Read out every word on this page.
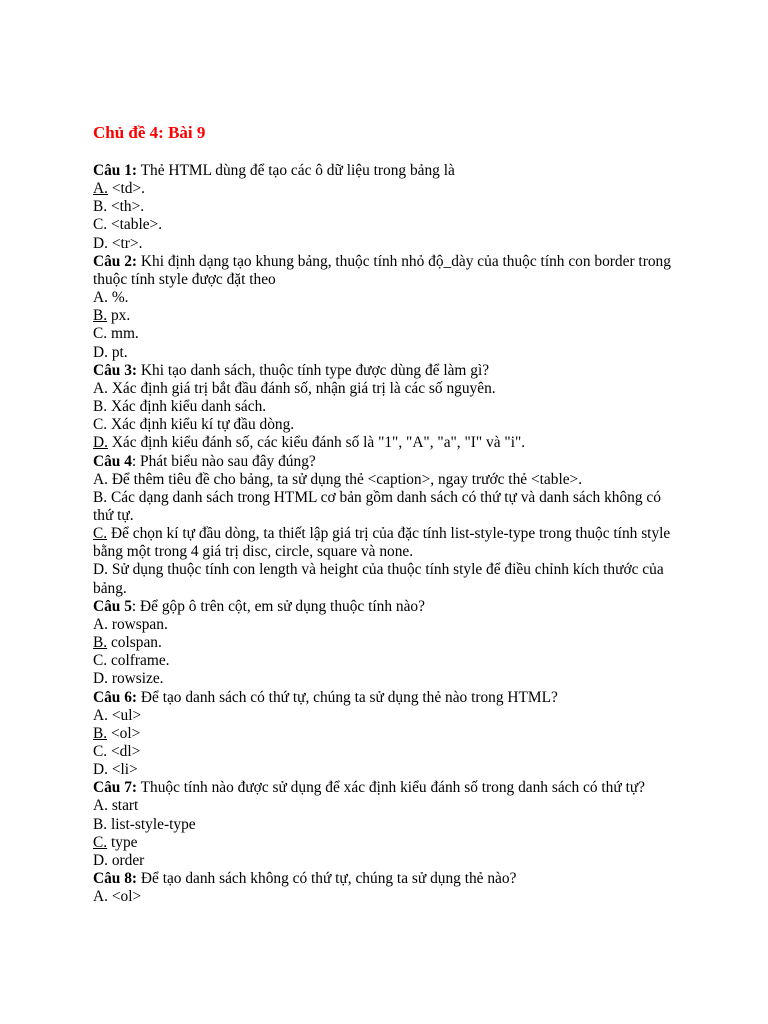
Chủ đề 4: Bài 9
Câu 1: Thẻ HTML dùng để tạo các ô dữ liệu trong bảng là
A. <td>.
B. <th>.
C. <table>.
D. <tr>.
Câu 2: Khi định dạng tạo khung bảng, thuộc tính nhỏ độ_dày của thuộc tính con border trong thuộc tính style được đặt theo
A. %.
B. px.
C. mm.
D. pt.
Câu 3: Khi tạo danh sách, thuộc tính type được dùng để làm gì?
A. Xác định giá trị bắt đầu đánh số, nhận giá trị là các số nguyên.
B. Xác định kiểu danh sách.
C. Xác định kiểu kí tự đầu dòng.
D. Xác định kiểu đánh số, các kiểu đánh số là "1", "A", "a", "I" và "i".
Câu 4: Phát biểu nào sau đây đúng?
A. Để thêm tiêu đề cho bảng, ta sử dụng thẻ <caption>, ngay trước thẻ <table>.
B. Các dạng danh sách trong HTML cơ bản gồm danh sách có thứ tự và danh sách không có thứ tự.
C. Để chọn kí tự đầu dòng, ta thiết lập giá trị của đặc tính list-style-type trong thuộc tính style bằng một trong 4 giá trị disc, circle, square và none.
D. Sử dụng thuộc tính con length và height của thuộc tính style để điều chỉnh kích thước của bảng.
Câu 5: Để gộp ô trên cột, em sử dụng thuộc tính nào?
A. rowspan.
B. colspan.
C. colframe.
D. rowsize.
Câu 6: Để tạo danh sách có thứ tự, chúng ta sử dụng thẻ nào trong HTML?
A. <ul>
B. <ol>
C. <dl>
D. <li>
Câu 7: Thuộc tính nào được sử dụng để xác định kiểu đánh số trong danh sách có thứ tự?
A. start
B. list-style-type
C. type
D. order
Câu 8: Để tạo danh sách không có thứ tự, chúng ta sử dụng thẻ nào?
A. <ol>
